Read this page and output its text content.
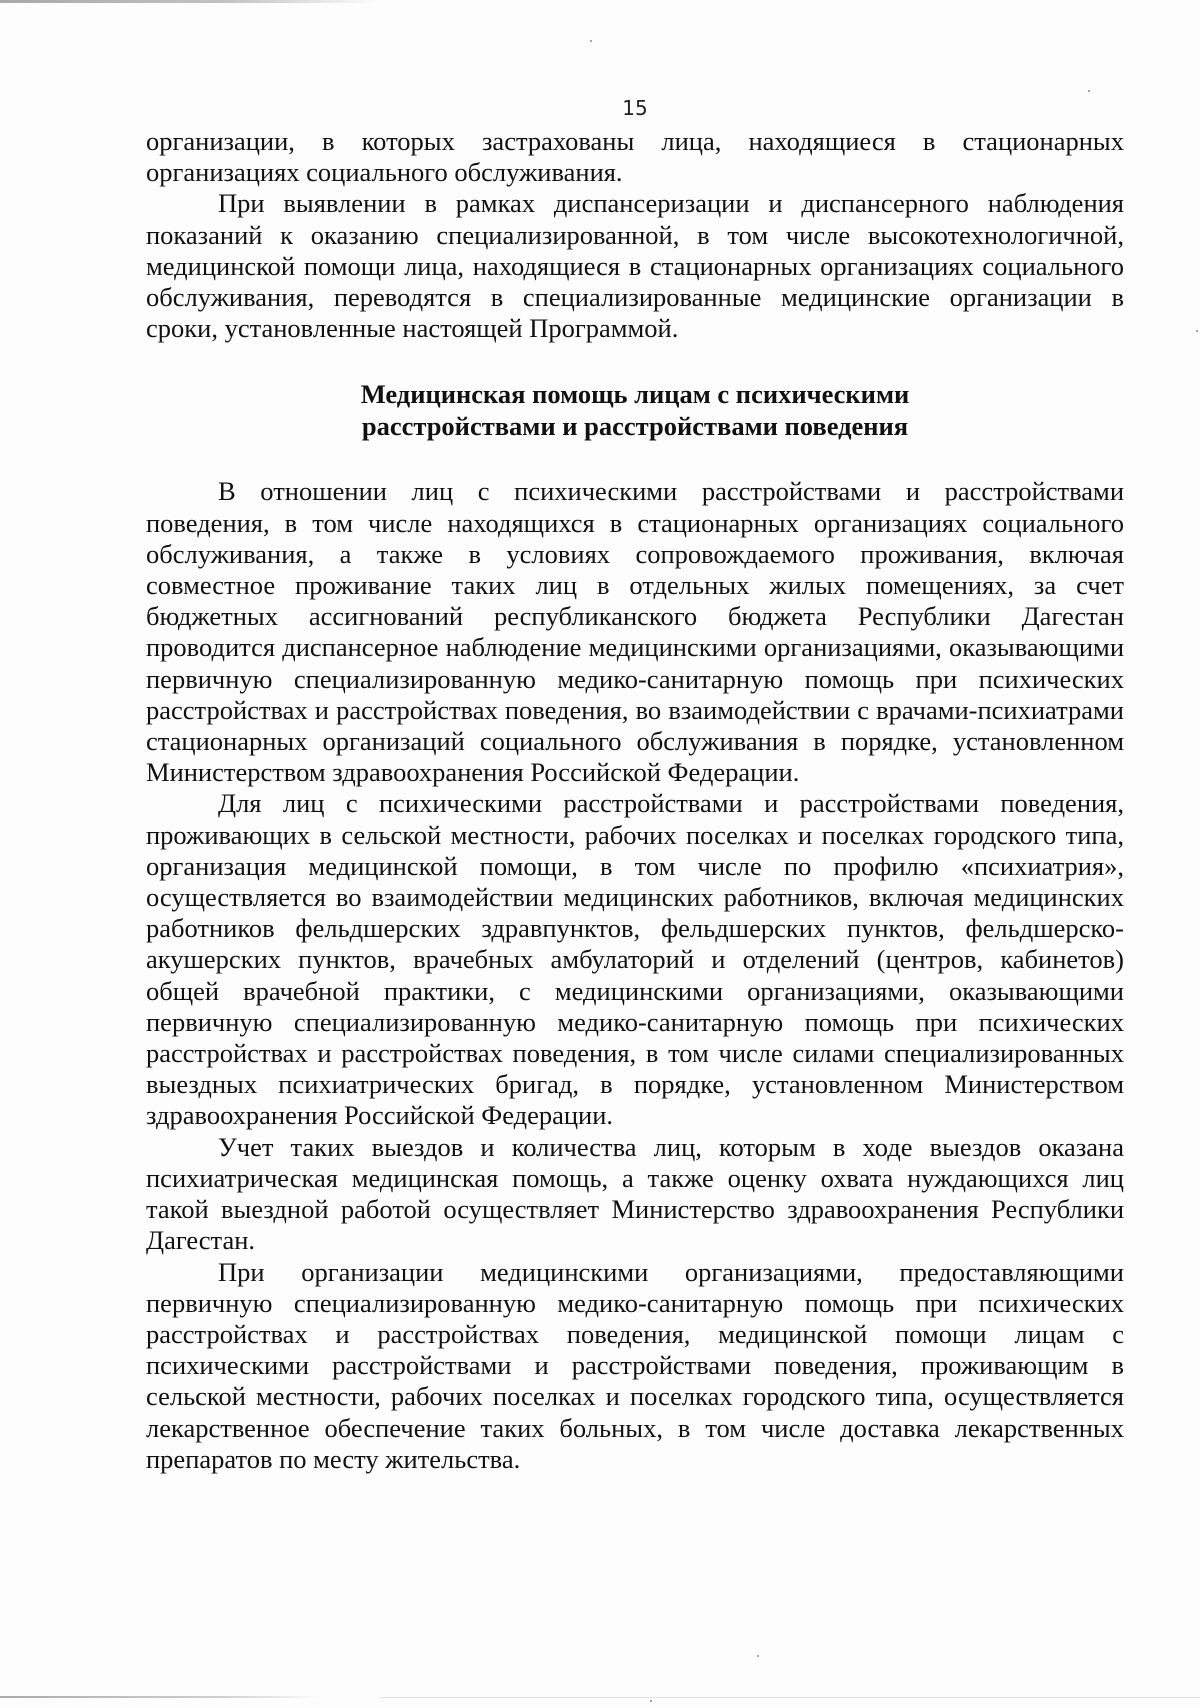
15

организации, в которых застрахованы лица, находящиеся в стационарных организациях социального обслуживания.

При выявлении в рамках диспансеризации и диспансерного наблюдения показаний к оказанию специализированной, в том числе высокотехнологичной, медицинской помощи лица, находящиеся в стационарных организациях социального обслуживания, переводятся в специализированные медицинские организации в сроки, установленные настоящей Программой.

Медицинская помощь лицам с психическими
расстройствами и расстройствами поведения

В отношении лиц с психическими расстройствами и расстройствами поведения, в том числе находящихся в стационарных организациях социального обслуживания, а также в условиях сопровождаемого проживания, включая совместное проживание таких лиц в отдельных жилых помещениях, за счет бюджетных ассигнований республиканского бюджета Республики Дагестан проводится диспансерное наблюдение медицинскими организациями, оказывающими первичную специализированную медико-санитарную помощь при психических расстройствах и расстройствах поведения, во взаимодействии с врачами-психиатрами стационарных организаций социального обслуживания в порядке, установленном Министерством здравоохранения Российской Федерации.

Для лиц с психическими расстройствами и расстройствами поведения, проживающих в сельской местности, рабочих поселках и поселках городского типа, организация медицинской помощи, в том числе по профилю «психиатрия», осуществляется во взаимодействии медицинских работников, включая медицинских работников фельдшерских здравпунктов, фельдшерских пунктов, фельдшерско-акушерских пунктов, врачебных амбулаторий и отделений (центров, кабинетов) общей врачебной практики, с медицинскими организациями, оказывающими первичную специализированную медико-санитарную помощь при психических расстройствах и расстройствах поведения, в том числе силами специализированных выездных психиатрических бригад, в порядке, установленном Министерством здравоохранения Российской Федерации.

Учет таких выездов и количества лиц, которым в ходе выездов оказана психиатрическая медицинская помощь, а также оценку охвата нуждающихся лиц такой выездной работой осуществляет Министерство здравоохранения Республики Дагестан.

При организации медицинскими организациями, предоставляющими первичную специализированную медико-санитарную помощь при психических расстройствах и расстройствах поведения, медицинской помощи лицам с психическими расстройствами и расстройствами поведения, проживающим в сельской местности, рабочих поселках и поселках городского типа, осуществляется лекарственное обеспечение таких больных, в том числе доставка лекарственных препаратов по месту жительства.
